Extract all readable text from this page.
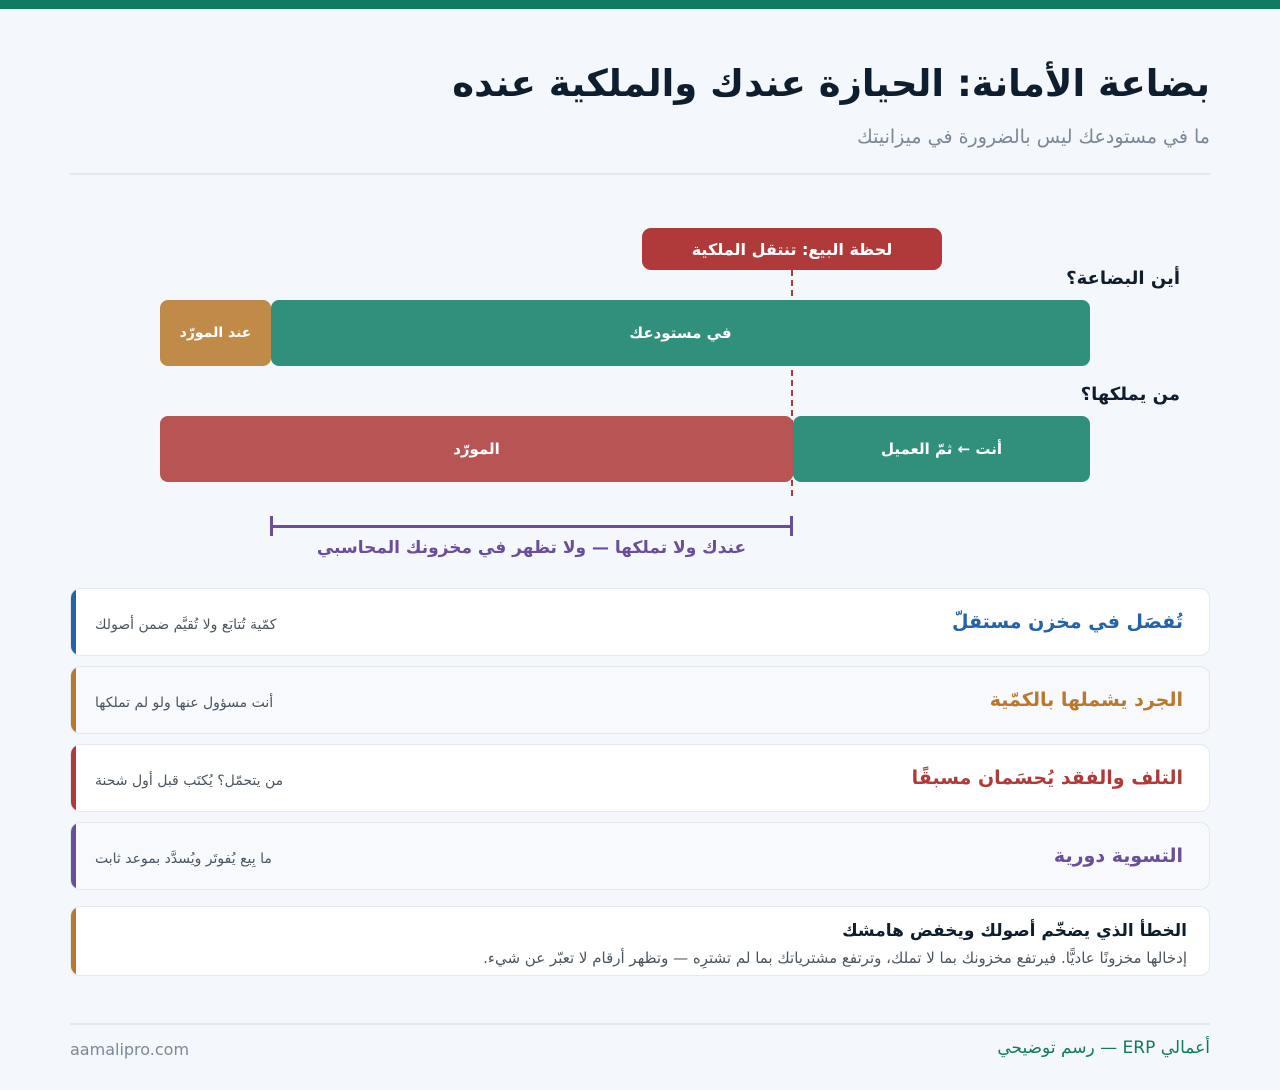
بضاعة الأمانة: الحيازة عندك والملكية عنده
ما في مستودعك ليس بالضرورة في ميزانيتك
لحظة البيع: تنتقل الملكية
أين البضاعة؟
عند المورّد	في مستودعك
من يملكها؟
المورّد	أنت ← ثمّ العميل
عندك ولا تملكها — ولا تظهر في مخزونك المحاسبي
تُفصَل في مخزن مستقلّ
كمّية تُتابَع ولا تُقيَّم ضمن أصولك
الجرد يشملها بالكمّية
أنت مسؤول عنها ولو لم تملكها
التلف والفقد يُحسَمان مسبقًا
من يتحمّل؟ يُكتَب قبل أول شحنة
التسوية دورية
ما بِيع يُفوتَر ويُسدَّد بموعد ثابت
الخطأ الذي يضخّم أصولك ويخفض هامشك
إدخالها مخزونًا عاديًّا. فيرتفع مخزونك بما لا تملك، وترتفع مشترياتك بما لم تشترِه — وتظهر أرقام لا تعبّر عن شيء.
أعمالي ERP — رسم توضيحي
aamalipro.com
